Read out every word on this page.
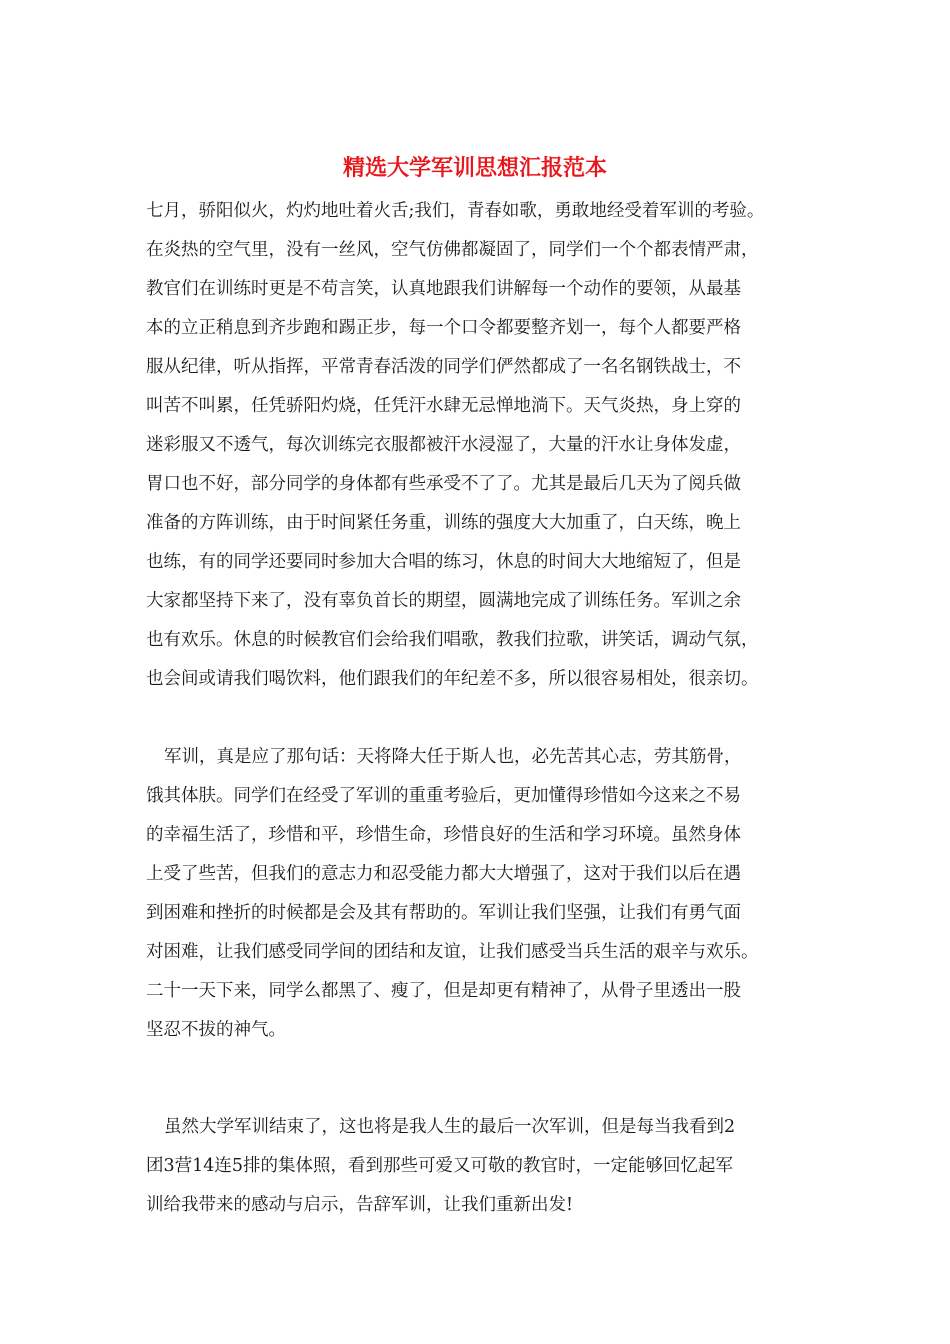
精选大学军训思想汇报范本
七月，骄阳似火，灼灼地吐着火舌;我们，青春如歌，勇敢地经受着军训的考验。
在炎热的空气里，没有一丝风，空气仿佛都凝固了，同学们一个个都表情严肃，
教官们在训练时更是不苟言笑，认真地跟我们讲解每一个动作的要领，从最基
本的立正稍息到齐步跑和踢正步，每一个口令都要整齐划一，每个人都要严格
服从纪律，听从指挥，平常青春活泼的同学们俨然都成了一名名钢铁战士，不
叫苦不叫累，任凭骄阳灼烧，任凭汗水肆无忌惮地淌下。天气炎热，身上穿的
迷彩服又不透气，每次训练完衣服都被汗水浸湿了，大量的汗水让身体发虚，
胃口也不好，部分同学的身体都有些承受不了了。尤其是最后几天为了阅兵做
准备的方阵训练，由于时间紧任务重，训练的强度大大加重了，白天练，晚上
也练，有的同学还要同时参加大合唱的练习，休息的时间大大地缩短了，但是
大家都坚持下来了，没有辜负首长的期望，圆满地完成了训练任务。军训之余
也有欢乐。休息的时候教官们会给我们唱歌，教我们拉歌，讲笑话，调动气氛，
也会间或请我们喝饮料，他们跟我们的年纪差不多，所以很容易相处，很亲切。
军训，真是应了那句话：天将降大任于斯人也，必先苦其心志，劳其筋骨，
饿其体肤。同学们在经受了军训的重重考验后，更加懂得珍惜如今这来之不易
的幸福生活了，珍惜和平，珍惜生命，珍惜良好的生活和学习环境。虽然身体
上受了些苦，但我们的意志力和忍受能力都大大增强了，这对于我们以后在遇
到困难和挫折的时候都是会及其有帮助的。军训让我们坚强，让我们有勇气面
对困难，让我们感受同学间的团结和友谊，让我们感受当兵生活的艰辛与欢乐。
二十一天下来，同学么都黑了、瘦了，但是却更有精神了，从骨子里透出一股
坚忍不拔的神气。
虽然大学军训结束了，这也将是我人生的最后一次军训，但是每当我看到2
团3营14连5排的集体照，看到那些可爱又可敬的教官时，一定能够回忆起军
训给我带来的感动与启示，告辞军训，让我们重新出发!
